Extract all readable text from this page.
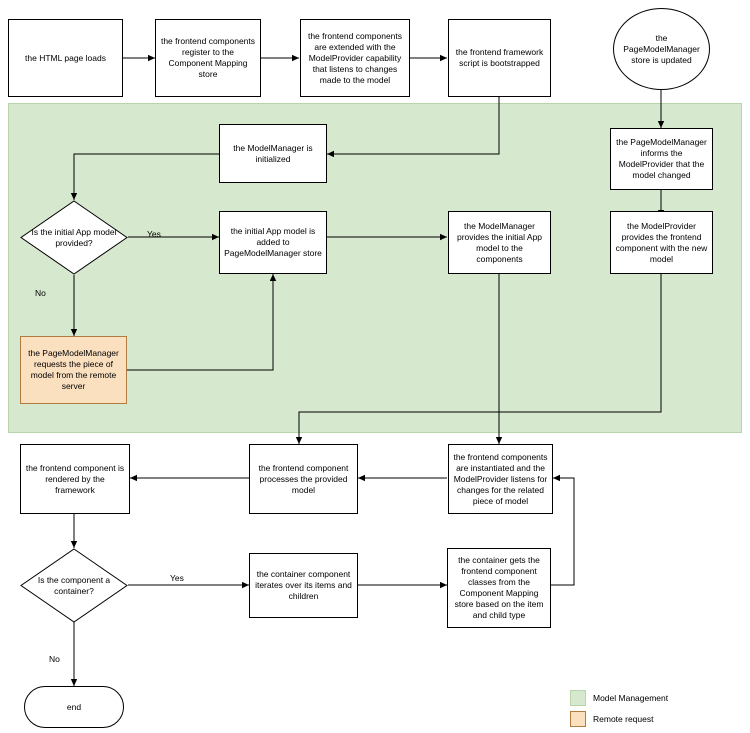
the HTML page loads
the frontend components register to the Component Mapping store
the frontend components are extended with the ModelProvider capability that listens to changes made to the model
the frontend framework script is bootstrapped
the PageModelManager store is updated
the ModelManager is initialized
the PageModelManager informs the ModelProvider that the model changed
Is the initial App model provided?
the initial App model is added to PageModelManager store
the ModelManager provides the initial App model to the components
the ModelProvider provides the frontend component with the new model
the PageModelManager requests the piece of model from the remote server
the frontend component is rendered by the framework
the frontend component processes the provided model
the frontend components are instantiated and the ModelProvider listens for changes for the related piece of model
Is the component a container?
the container component iterates over its items and children
the container gets the frontend component classes from the Component Mapping store based on the item and child type
end
Yes
No
Yes
No
Model Management
Remote request
